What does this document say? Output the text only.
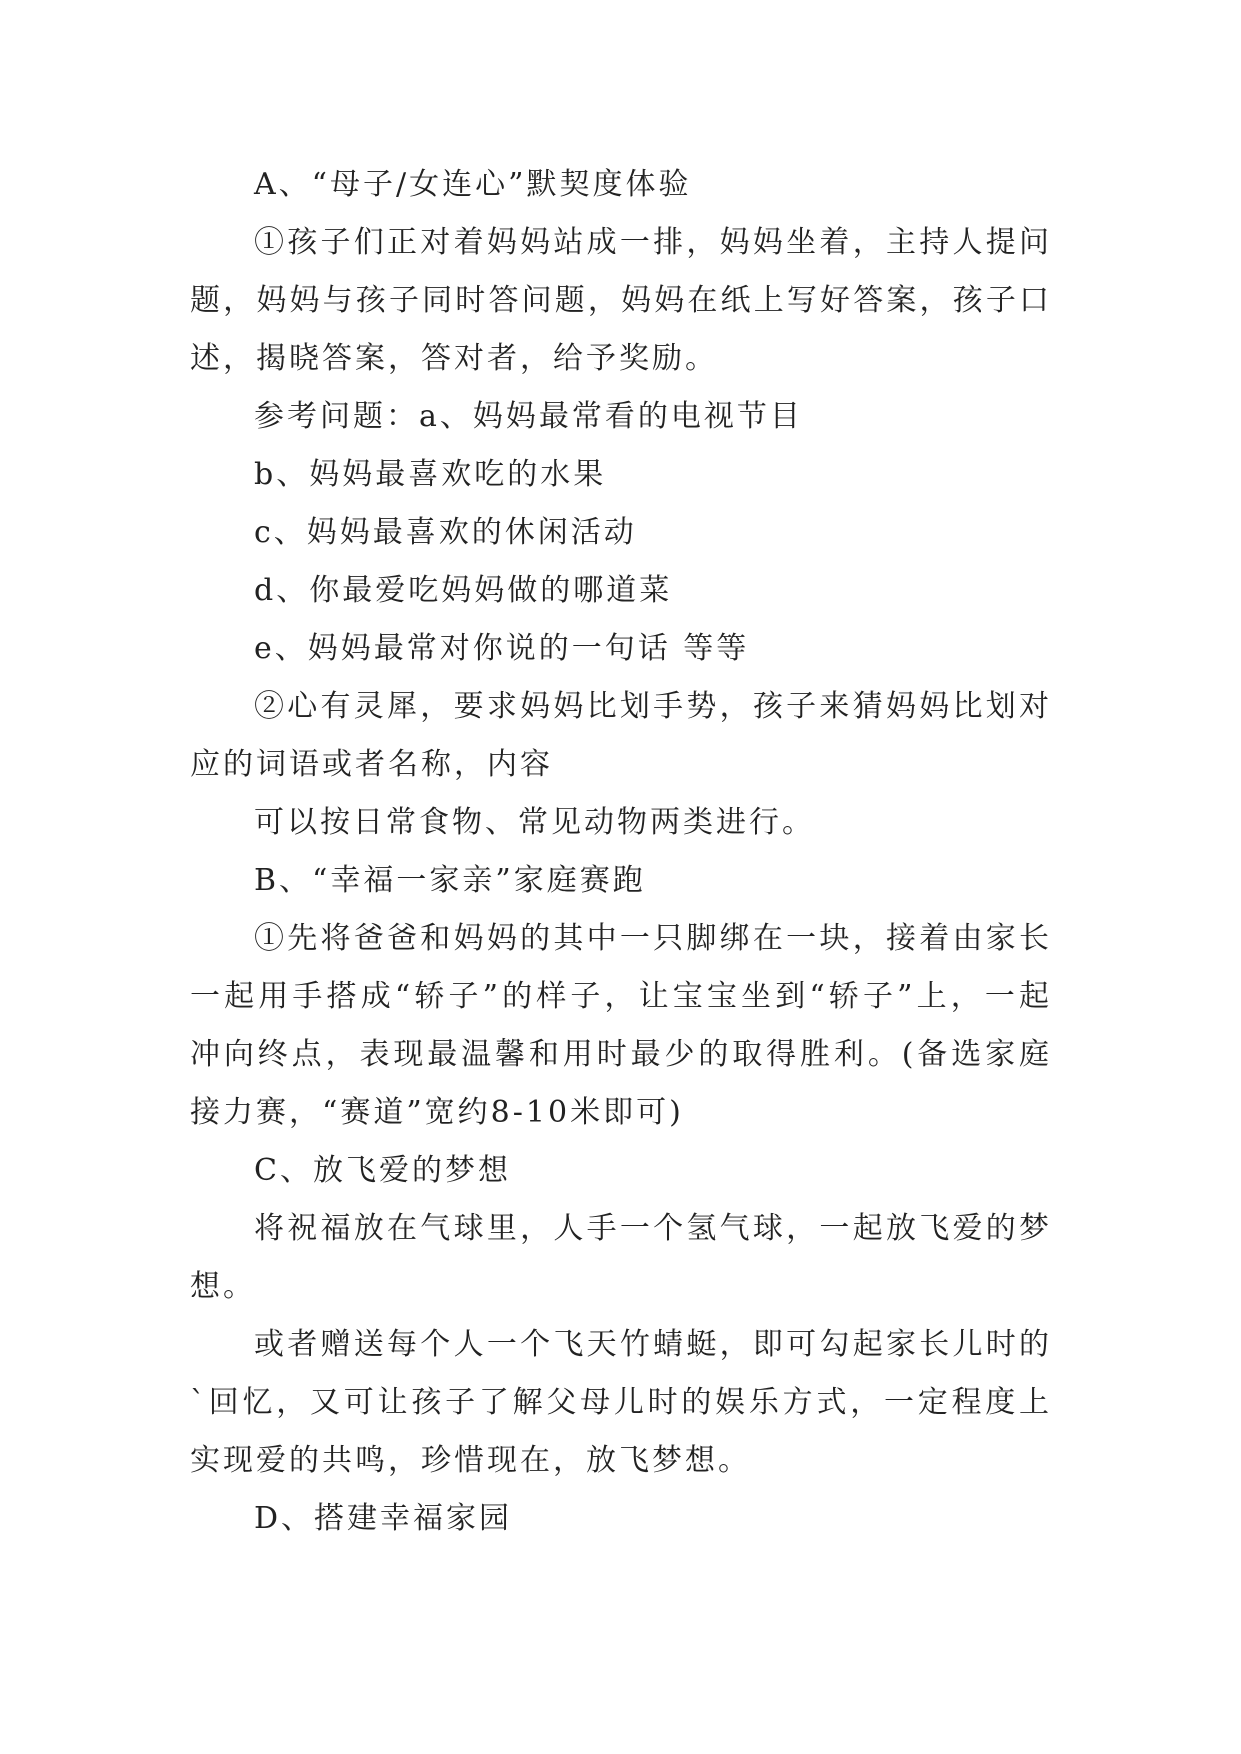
A、“母子/女连心”默契度体验

①孩子们正对着妈妈站成一排，妈妈坐着，主持人提问题，妈妈与孩子同时答问题，妈妈在纸上写好答案，孩子口述，揭晓答案，答对者，给予奖励。

参考问题：a、妈妈最常看的电视节目

b、妈妈最喜欢吃的水果

c、妈妈最喜欢的休闲活动

d、你最爱吃妈妈做的哪道菜

e、妈妈最常对你说的一句话 等等

②心有灵犀，要求妈妈比划手势，孩子来猜妈妈比划对应的词语或者名称，内容

可以按日常食物、常见动物两类进行。

B、“幸福一家亲”家庭赛跑

①先将爸爸和妈妈的其中一只脚绑在一块，接着由家长一起用手搭成“轿子”的样子，让宝宝坐到“轿子”上，一起冲向终点，表现最温馨和用时最少的取得胜利。(备选家庭接力赛，“赛道”宽约8-10米即可)

C、放飞爱的梦想

将祝福放在气球里，人手一个氢气球，一起放飞爱的梦想。

或者赠送每个人一个飞天竹蜻蜓，即可勾起家长儿时的`回忆，又可让孩子了解父母儿时的娱乐方式，一定程度上实现爱的共鸣，珍惜现在，放飞梦想。

D、搭建幸福家园
